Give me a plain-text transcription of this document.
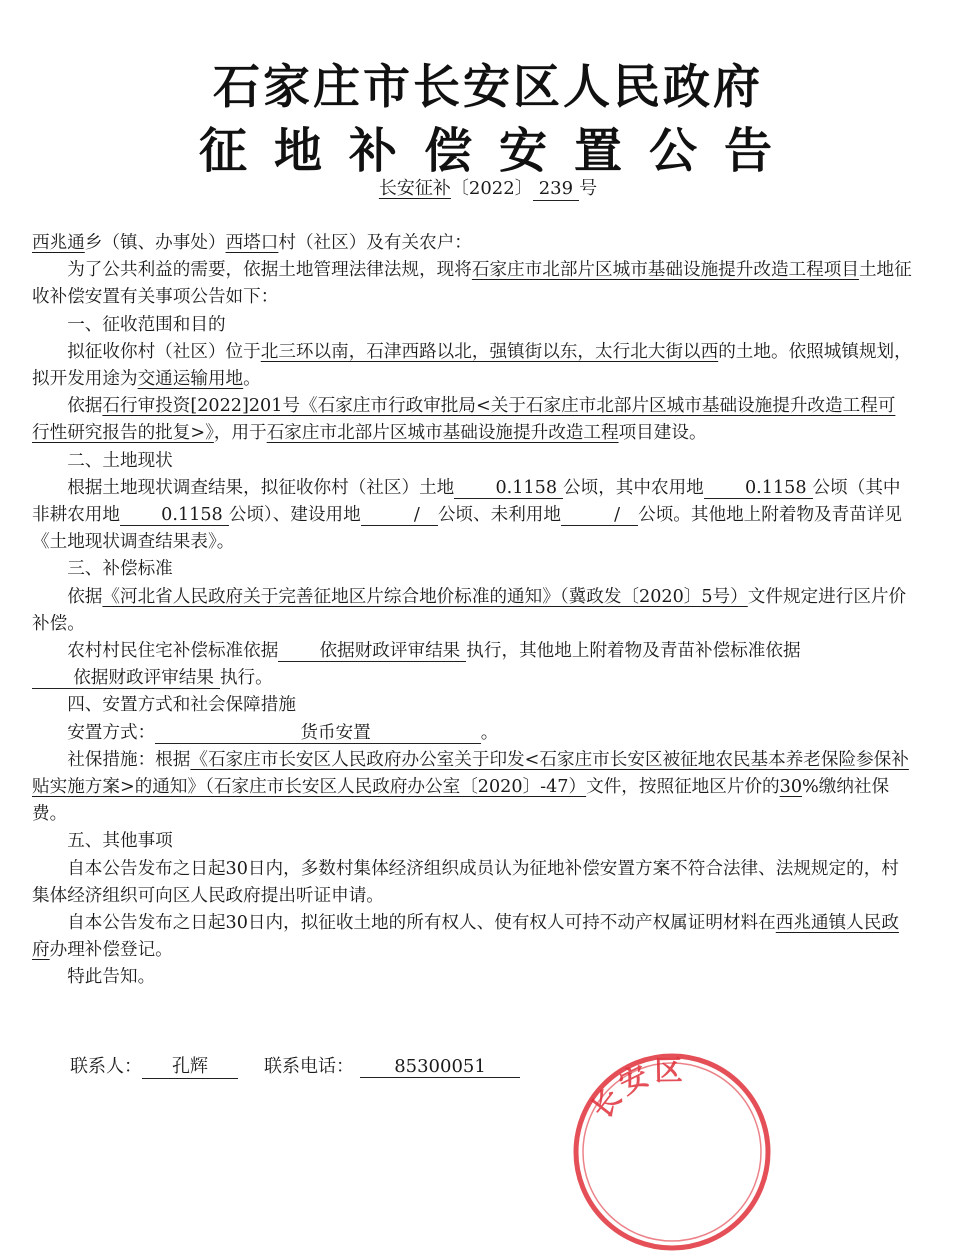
石家庄市长安区人民政府
征地补偿安置公告
长安征补〔2022〕 239 号

西兆通乡（镇、办事处）西塔口村（社区）及有关农户：

为了公共利益的需要，依据土地管理法律法规，现将石家庄市北部片区城市基础设施提升改造工程项目土地征收补偿安置有关事项公告如下：

一、征收范围和目的

拟征收你村（社区）位于北三环以南，石津西路以北，强镇街以东，太行北大街以西的土地。依照城镇规划，拟开发用途为交通运输用地。

依据石行审投资[2022]201号《石家庄市行政审批局<关于石家庄市北部片区城市基础设施提升改造工程可行性研究报告的批复>》，用于石家庄市北部片区城市基础设施提升改造工程项目建设。

二、土地现状

根据土地现状调查结果，拟征收你村（社区）土地 0.1158 公顷，其中农用地 0.1158 公顷（其中非耕农用地 0.1158 公顷）、建设用地	/ 公顷、未利用地	/ 公顷。其他地上附着物及青苗详见《土地现状调查结果表》。

三、补偿标准

依据《河北省人民政府关于完善征地区片综合地价标准的通知》（冀政发〔2020〕5号）文件规定进行区片价补偿。

农村村民住宅补偿标准依据 依据财政评审结果 执行，其他地上附着物及青苗补偿标准依据依据财政评审结果 执行。

四、安置方式和社会保障措施

安置方式：	货币安置	。

社保措施：根据《石家庄市长安区人民政府办公室关于印发<石家庄市长安区被征地农民基本养老保险参保补贴实施方案>的通知》（石家庄市长安区人民政府办公室〔2020〕-47）文件，按照征地区片价的30%缴纳社保费。

五、其他事项

自本公告发布之日起30日内，多数村集体经济组织成员认为征地补偿安置方案不符合法律、法规规定的，村集体经济组织可向区人民政府提出听证申请。

自本公告发布之日起30日内，拟征收土地的所有权人、使有权人可持不动产权属证明材料在西兆通镇人民政府办理补偿登记。

特此告知。

联系人： 孔辉	联系电话： 85300051
长安区
